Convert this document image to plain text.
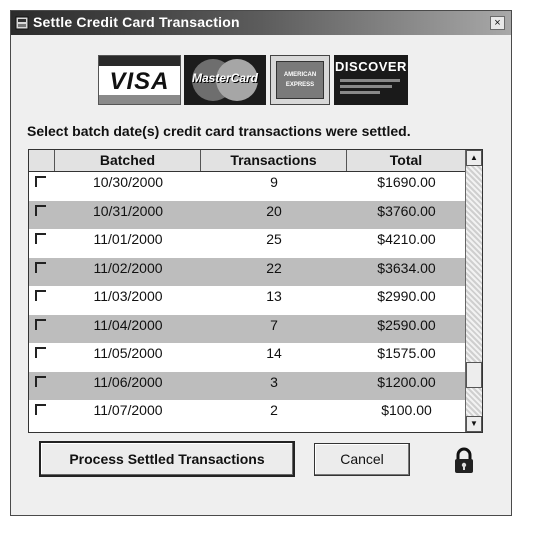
Settle Credit Card Transaction	×
VISA	MasterCard	AMERICAN
EXPRESS
DISCOVER
Select batch date(s) credit card transactions were settled.
Batched	Transactions	Total
10/30/2000	9	$1690.00
10/31/2000	20	$3760.00
11/01/2000	25	$4210.00
11/02/2000	22	$3634.00
11/03/2000	13	$2990.00
11/04/2000	7	$2590.00
11/05/2000	14	$1575.00
11/06/2000	3	$1200.00
11/07/2000	2	$100.00
▲
▼
Process Settled Transactions	Cancel
